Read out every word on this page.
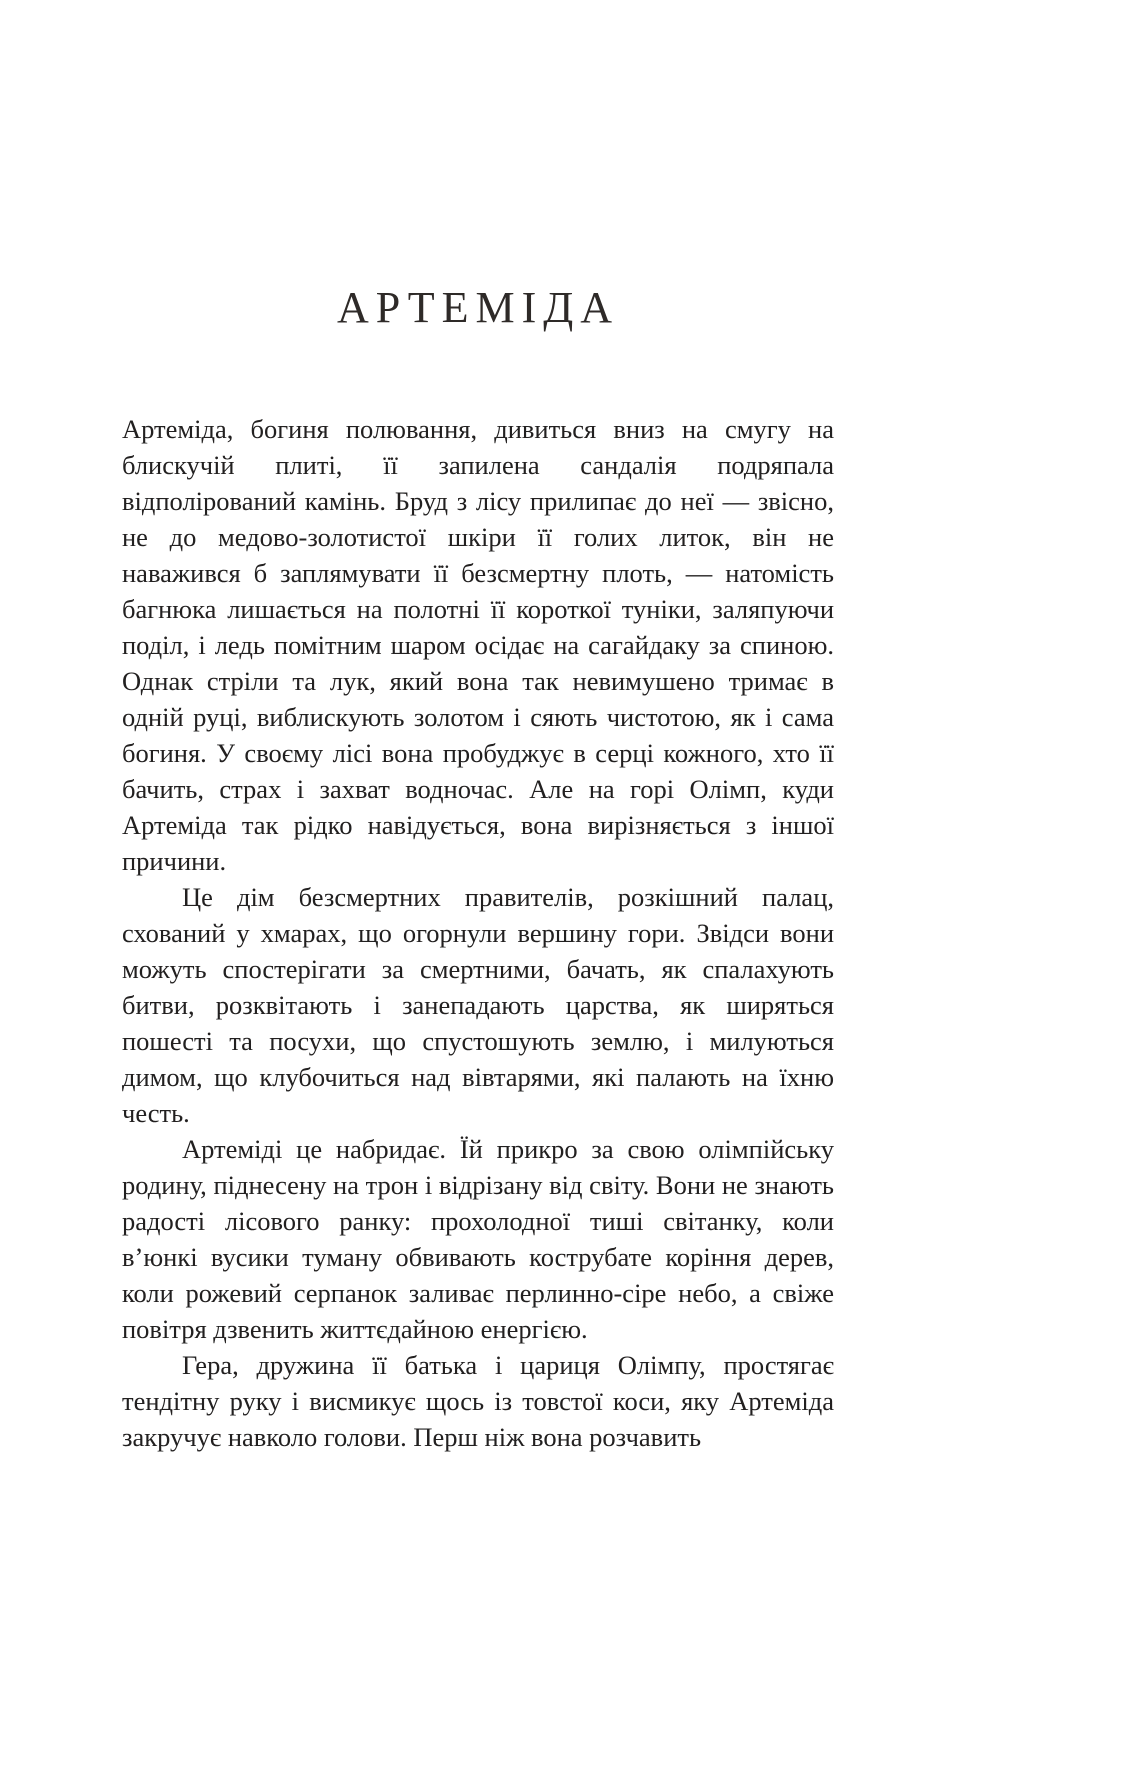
АРТЕМІДА

Артеміда, богиня полювання, дивиться вниз на смугу на блискучій плиті, її запилена сандалія подряпала відполірований камінь. Бруд з лісу прилипає до неї — звісно, не до медово-золотистої шкіри її голих литок, він не наважився б заплямувати її безсмертну плоть, — натомість багнюка лишається на полотні її короткої туніки, заляпуючи поділ, і ледь помітним шаром осідає на сагайдаку за спиною. Однак стріли та лук, який вона так невимушено тримає в одній руці, виблискують золотом і сяють чистотою, як і сама богиня. У своєму лісі вона пробуджує в серці кожного, хто її бачить, страх і захват водночас. Але на горі Олімп, куди Артеміда так рідко навідується, вона вирізняється з іншої причини.

Це дім безсмертних правителів, розкішний палац, схований у хмарах, що огорнули вершину гори. Звідси вони можуть спостерігати за смертними, бачать, як спалахують битви, розквітають і занепадають царства, як ширяться пошесті та посухи, що спустошують землю, і милуються димом, що клубочиться над вівтарями, які палають на їхню честь.

Артеміді це набридає. Їй прикро за свою олімпійську родину, піднесену на трон і відрізану від світу. Вони не знають радості лісового ранку: прохолодної тиші світанку, коли в’юнкі вусики туману обвивають кострубате коріння дерев, коли рожевий серпанок заливає перлинно-сіре небо, а свіже повітря дзвенить життєдайною енергією.

Гера, дружина її батька і цариця Олімпу, простягає тендітну руку і висмикує щось із товстої коси, яку Артеміда закручує навколо голови. Перш ніж вона розчавить
